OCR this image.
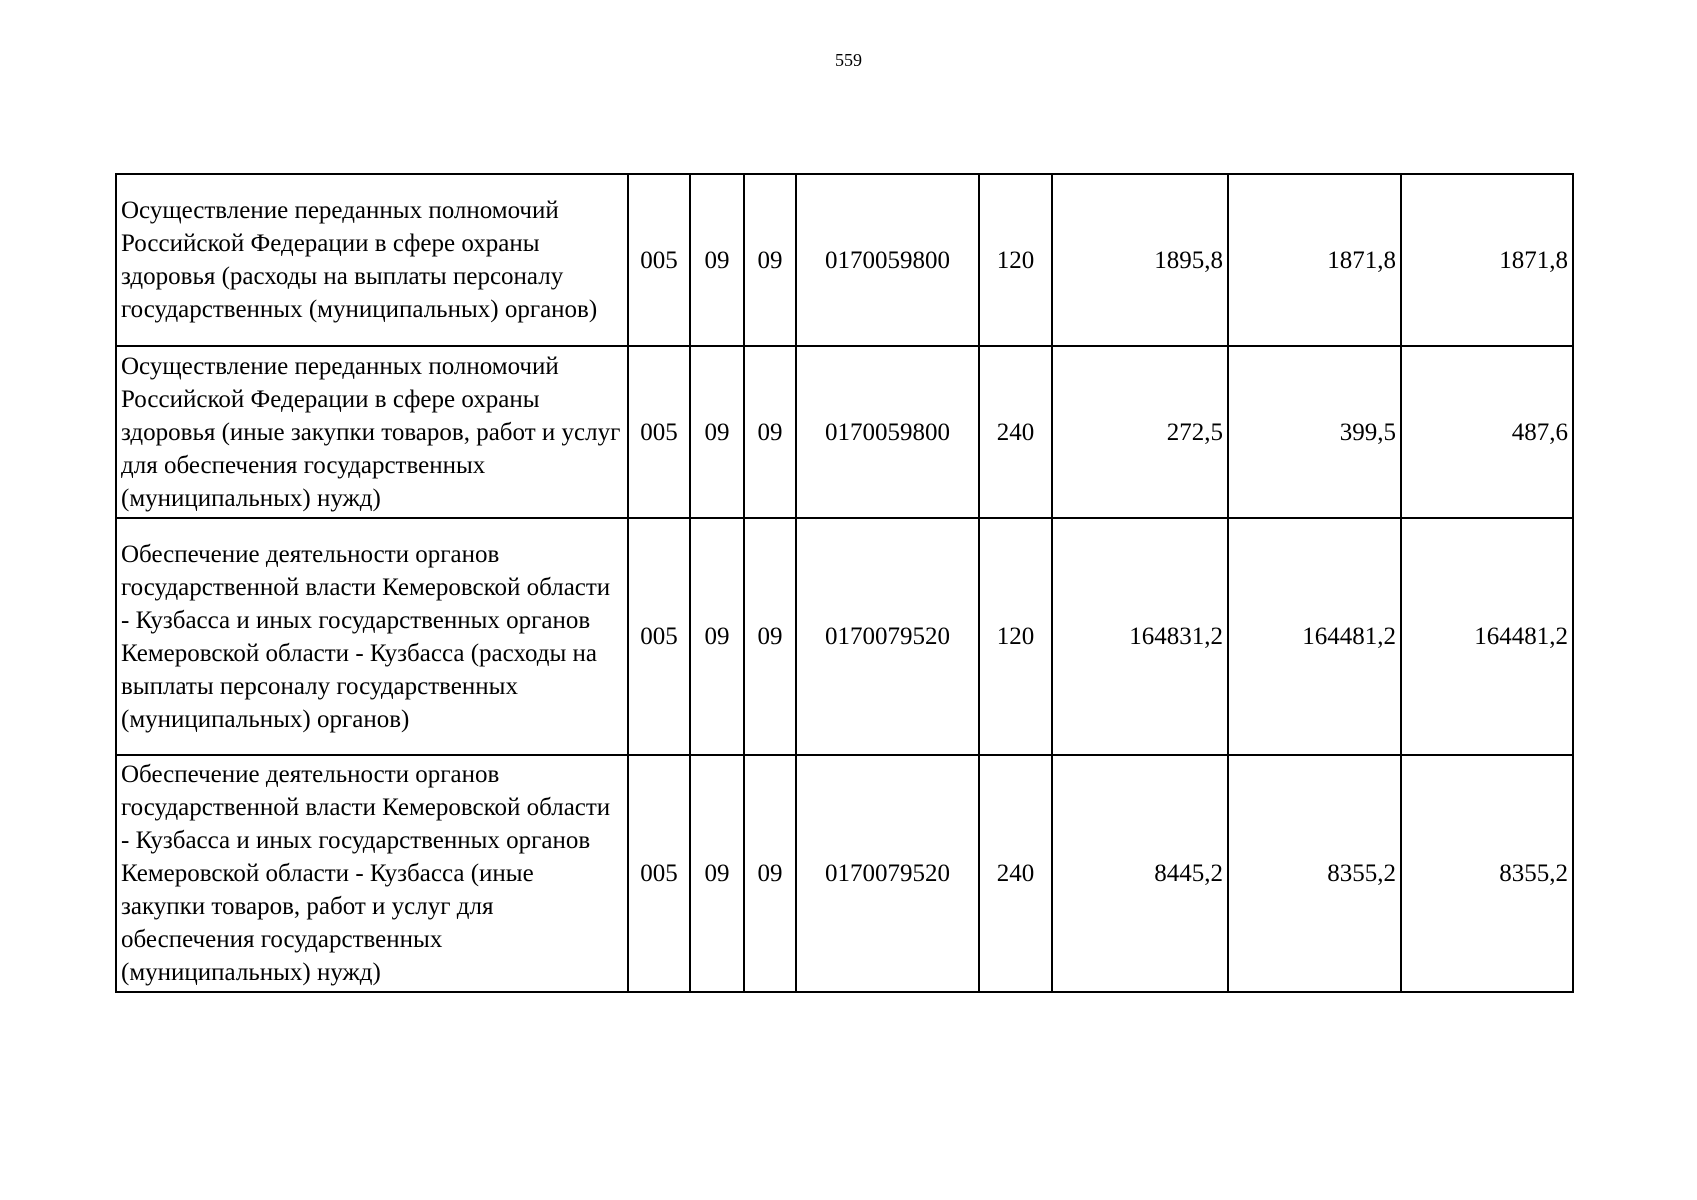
559
Осуществление переданных полномочий Российской Федерации в сфере охраны здоровья (расходы на выплаты персоналу государственных (муниципальных) органов)	005	09	09	0170059800	120	1895,8	1871,8	1871,8
Осуществление переданных полномочий Российской Федерации в сфере охраны здоровья (иные закупки товаров, работ и услуг для обеспечения государственных (муниципальных) нужд)	005	09	09	0170059800	240	272,5	399,5	487,6
Обеспечение деятельности органов государственной власти Кемеровской области - Кузбасса и иных государственных органов Кемеровской области - Кузбасса (расходы на выплаты персоналу государственных (муниципальных) органов)	005	09	09	0170079520	120	164831,2	164481,2	164481,2
Обеспечение деятельности органов государственной власти Кемеровской области - Кузбасса и иных государственных органов Кемеровской области - Кузбасса (иные закупки товаров, работ и услуг для обеспечения государственных (муниципальных) нужд)	005	09	09	0170079520	240	8445,2	8355,2	8355,2
